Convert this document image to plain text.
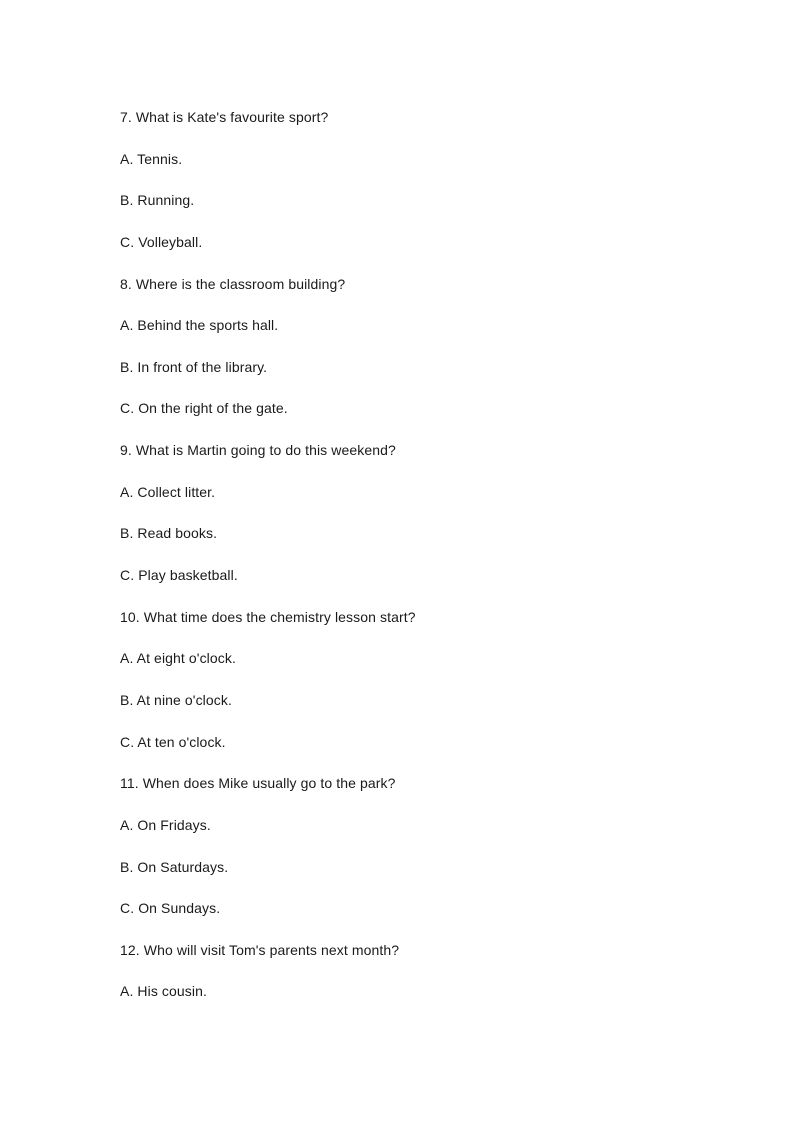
7. What is Kate's favourite sport?
A. Tennis.
B. Running.
C. Volleyball.
8. Where is the classroom building?
A. Behind the sports hall.
B. In front of the library.
C. On the right of the gate.
9. What is Martin going to do this weekend?
A. Collect litter.
B. Read books.
C. Play basketball.
10. What time does the chemistry lesson start?
A. At eight o'clock.
B. At nine o'clock.
C. At ten o'clock.
11. When does Mike usually go to the park?
A. On Fridays.
B. On Saturdays.
C. On Sundays.
12. Who will visit Tom's parents next month?
A. His cousin.
